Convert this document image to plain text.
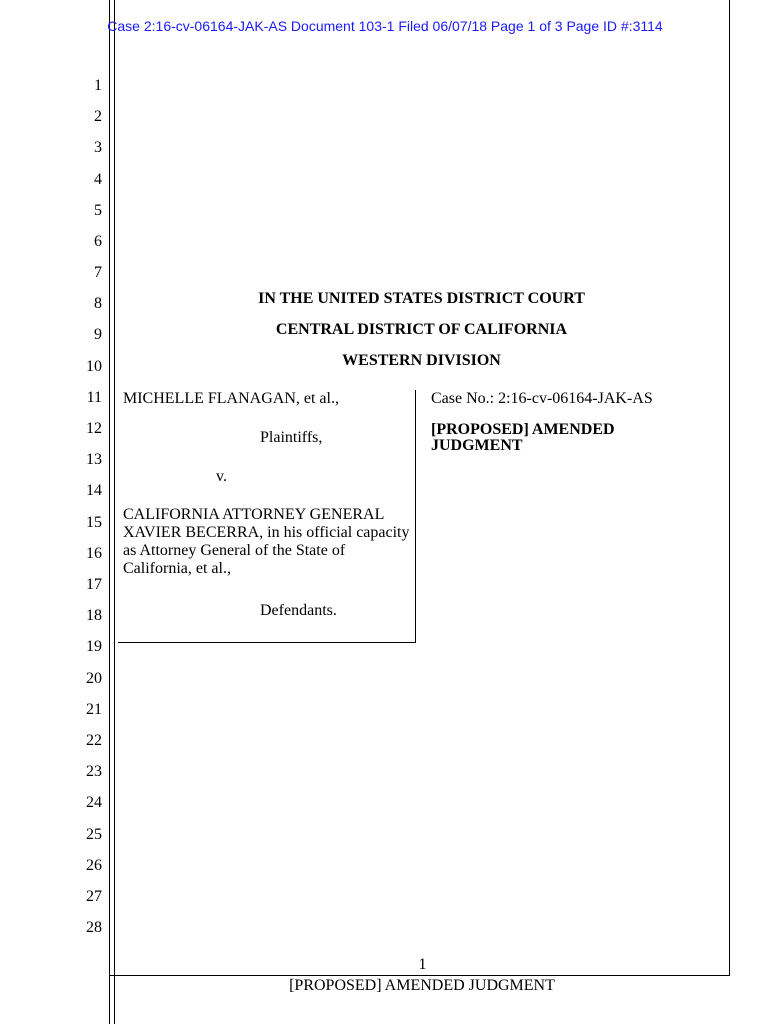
Case 2:16-cv-06164-JAK-AS Document 103-1 Filed 06/07/18 Page 1 of 3 Page ID #:3114
1
2
3
4
5
6
7
8
9
10
11
12
13
14
15
16
17
18
19
20
21
22
23
24
25
26
27
28
IN THE UNITED STATES DISTRICT COURT
CENTRAL DISTRICT OF CALIFORNIA
WESTERN DIVISION
MICHELLE FLANAGAN, et al.,
Plaintiffs,
v.
CALIFORNIA ATTORNEY GENERAL XAVIER BECERRA, in his official capacity as Attorney General of the State of California, et al.,
Defendants.
Case No.: 2:16-cv-06164-JAK-AS
[PROPOSED] AMENDED JUDGMENT
1
[PROPOSED] AMENDED JUDGMENT
